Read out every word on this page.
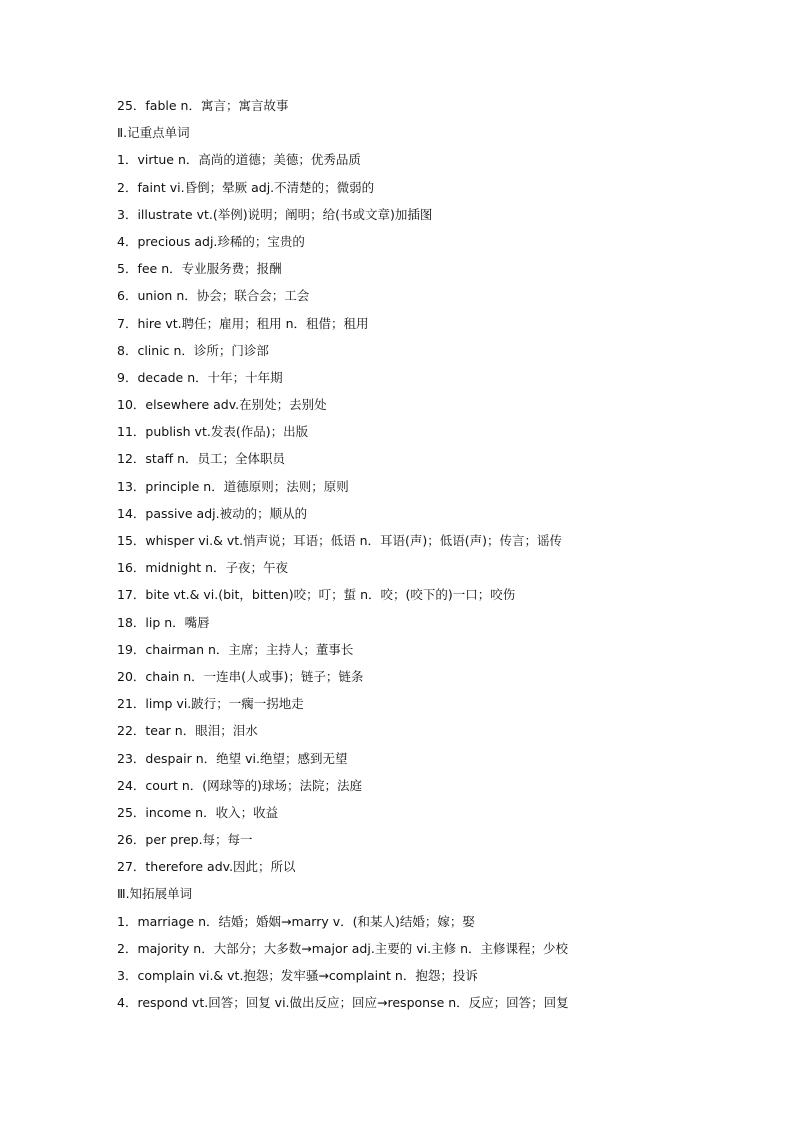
25．fable n．寓言；寓言故事
Ⅱ.记重点单词
1．virtue n．高尚的道德；美德；优秀品质
2．faint vi.昏倒；晕厥 adj.不清楚的；微弱的
3．illustrate vt.(举例)说明；阐明；给(书或文章)加插图
4．precious adj.珍稀的；宝贵的
5．fee n．专业服务费；报酬
6．union n．协会；联合会；工会
7．hire vt.聘任；雇用；租用 n．租借；租用
8．clinic n．诊所；门诊部
9．decade n．十年；十年期
10．elsewhere adv.在别处；去别处
11．publish vt.发表(作品)；出版
12．staff n．员工；全体职员
13．principle n．道德原则；法则；原则
14．passive adj.被动的；顺从的
15．whisper vi.& vt.悄声说；耳语；低语 n．耳语(声)；低语(声)；传言；谣传
16．midnight n．子夜；午夜
17．bite vt.& vi.(bit，bitten)咬；叮；蜇 n．咬；(咬下的)一口；咬伤
18．lip n．嘴唇
19．chairman n．主席；主持人；董事长
20．chain n．一连串(人或事)；链子；链条
21．limp vi.跛行；一瘸一拐地走
22．tear n．眼泪；泪水
23．despair n．绝望 vi.绝望；感到无望
24．court n．(网球等的)球场；法院；法庭
25．income n．收入；收益
26．per prep.每；每一
27．therefore adv.因此；所以
Ⅲ.知拓展单词
1．marriage n．结婚；婚姻→marry v．(和某人)结婚；嫁；娶
2．majority n．大部分；大多数→major adj.主要的 vi.主修 n．主修课程；少校
3．complain vi.& vt.抱怨；发牢骚→complaint n．抱怨；投诉
4．respond vt.回答；回复 vi.做出反应；回应→response n．反应；回答；回复
